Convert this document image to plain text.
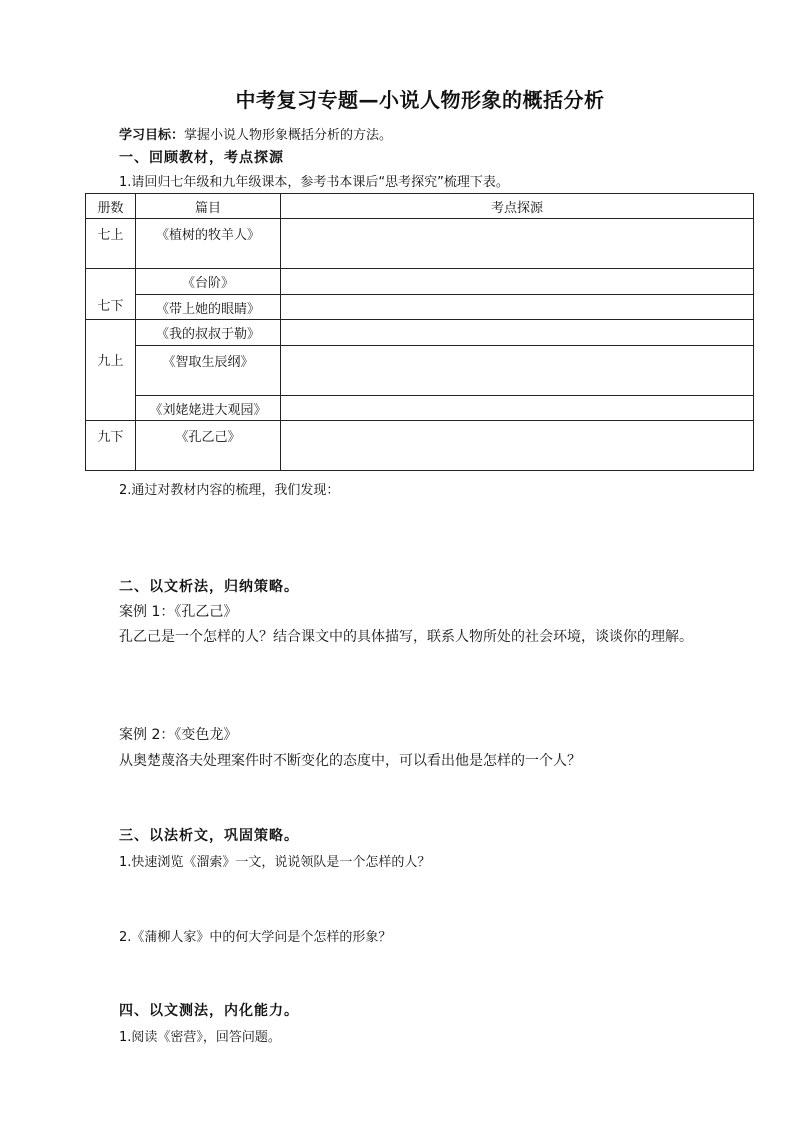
中考复习专题—小说人物形象的概括分析
学习目标：掌握小说人物形象概括分析的方法。
一、回顾教材，考点探源
1.请回归七年级和九年级课本，参考书本课后“思考探究”梳理下表。
册数	篇目	考点探源
七上	《植树的牧羊人》	
七下	《台阶》	
	《带上她的眼睛》	
九上	《我的叔叔于勒》	
	《智取生辰纲》	
	《刘姥姥进大观园》	
九下	《孔乙己》	
2.通过对教材内容的梳理，我们发现：
二、以文析法，归纳策略。
案例 1：《孔乙己》
孔乙己是一个怎样的人？结合课文中的具体描写，联系人物所处的社会环境，谈谈你的理解。
案例 2：《变色龙》
从奥楚蔑洛夫处理案件时不断变化的态度中，可以看出他是怎样的一个人？
三、以法析文，巩固策略。
1.快速浏览《溜索》一文，说说领队是一个怎样的人？
2.《蒲柳人家》中的何大学问是个怎样的形象？
四、以文测法，内化能力。
1.阅读《密营》，回答问题。
